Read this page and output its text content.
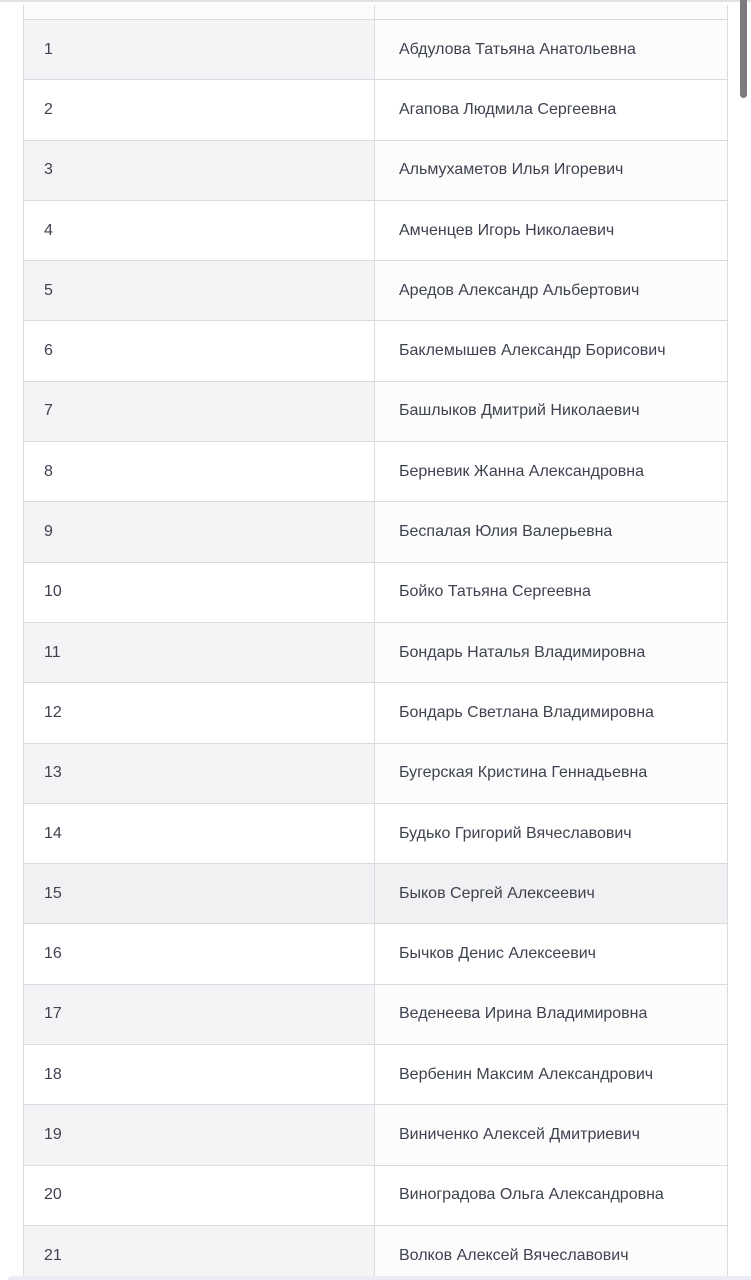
1	Абдулова Татьяна Анатольевна
2	Агапова Людмила Сергеевна
3	Альмухаметов Илья Игоревич
4	Амченцев Игорь Николаевич
5	Аредов Александр Альбертович
6	Баклемышев Александр Борисович
7	Башлыков Дмитрий Николаевич
8	Берневик Жанна Александровна
9	Беспалая Юлия Валерьевна
10	Бойко Татьяна Сергеевна
11	Бондарь Наталья Владимировна
12	Бондарь Светлана Владимировна
13	Бугерская Кристина Геннадьевна
14	Будько Григорий Вячеславович
15	Быков Сергей Алексеевич
16	Бычков Денис Алексеевич
17	Веденеева Ирина Владимировна
18	Вербенин Максим Александрович
19	Виниченко Алексей Дмитриевич
20	Виноградова Ольга Александровна
21	Волков Алексей Вячеславович
